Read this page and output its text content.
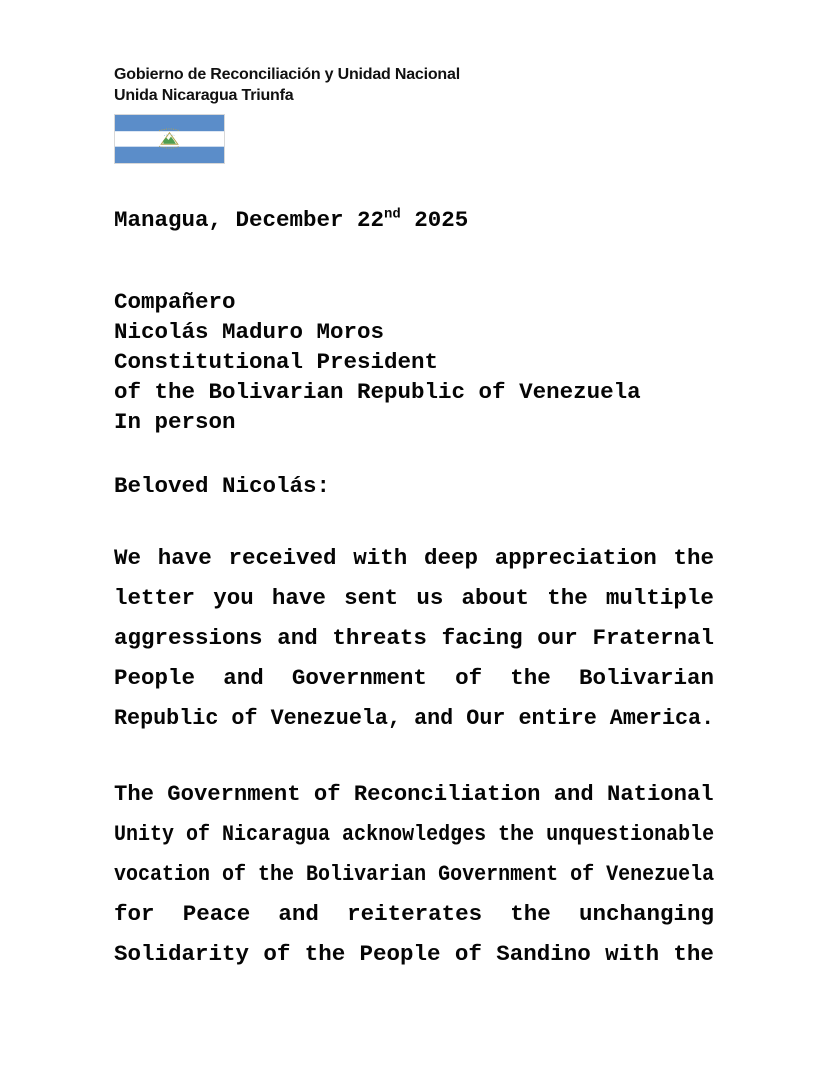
Gobierno de Reconciliación y Unidad Nacional
Unida Nicaragua Triunfa
Managua, December 22nd 2025
Compañero
Nicolás Maduro Moros
Constitutional President
of the Bolivarian Republic of Venezuela
In person
Beloved Nicolás:
We have received with deep appreciation the
letter you have sent us about the multiple
aggressions and threats facing our Fraternal
People and Government of the Bolivarian
Republic of Venezuela, and Our entire America.
The Government of Reconciliation and National
Unity of Nicaragua acknowledges the unquestionable
vocation of the Bolivarian Government of Venezuela
for Peace and reiterates the unchanging
Solidarity of the People of Sandino with the
